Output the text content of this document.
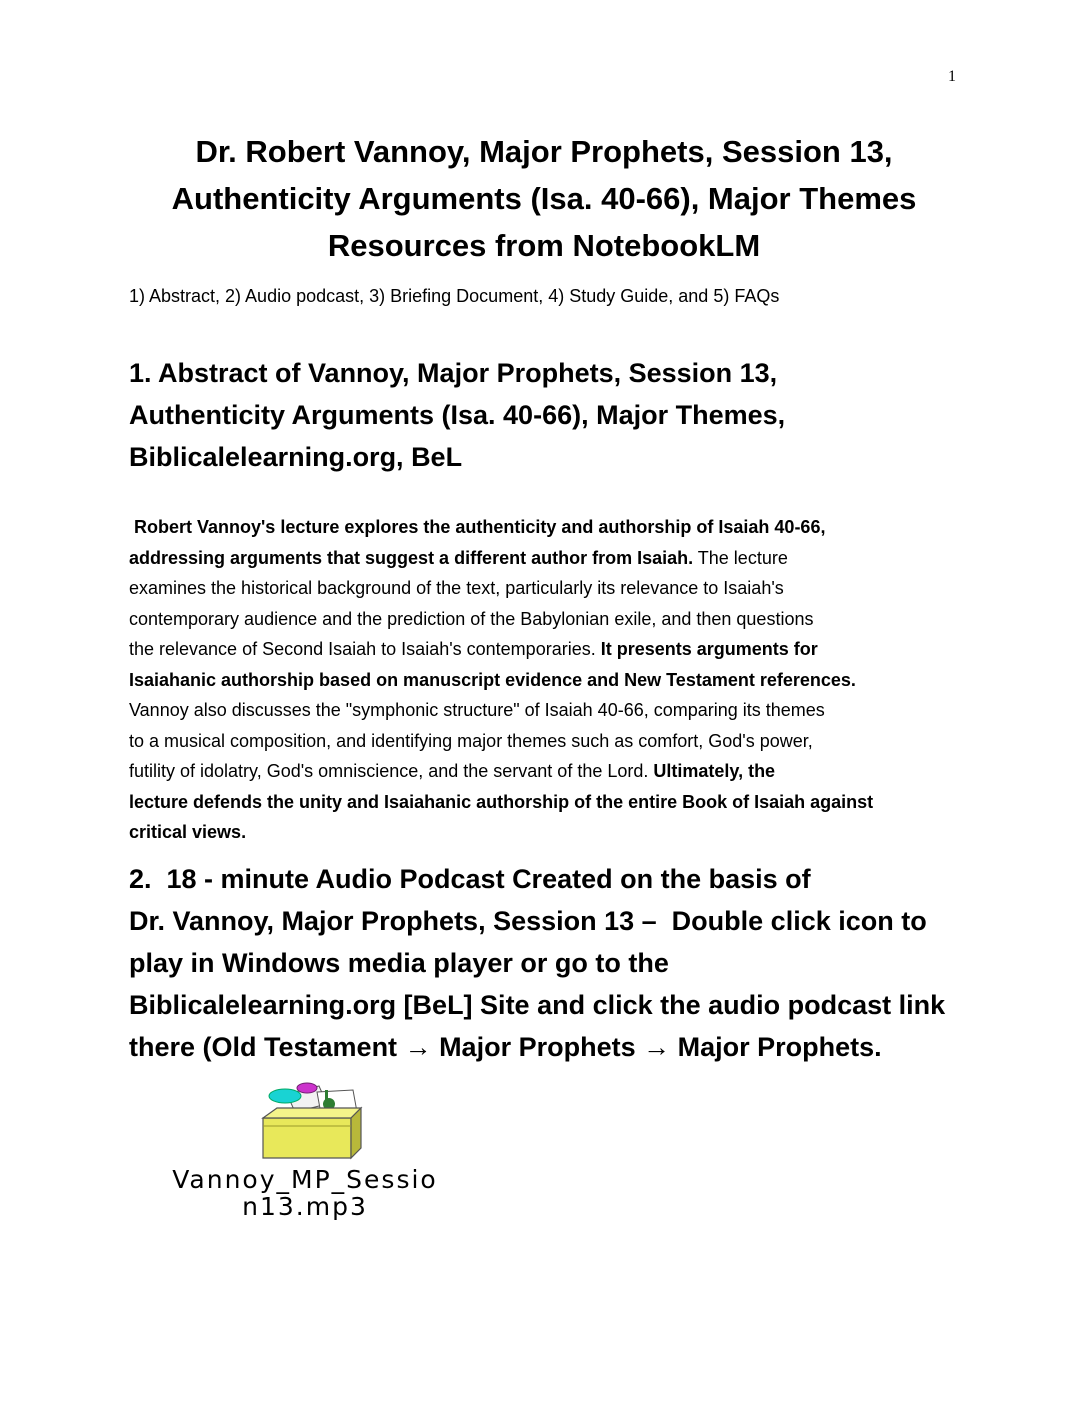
1
Dr. Robert Vannoy, Major Prophets, Session 13,
Authenticity Arguments (Isa. 40-66), Major Themes
Resources from NotebookLM
1) Abstract, 2) Audio podcast, 3) Briefing Document, 4) Study Guide, and 5) FAQs
1. Abstract of Vannoy, Major Prophets, Session 13,
Authenticity Arguments (Isa. 40-66), Major Themes,
Biblicalelearning.org, BeL
Robert Vannoy's lecture explores the authenticity and authorship of Isaiah 40-66,
addressing arguments that suggest a different author from Isaiah. The lecture
examines the historical background of the text, particularly its relevance to Isaiah's
contemporary audience and the prediction of the Babylonian exile, and then questions
the relevance of Second Isaiah to Isaiah's contemporaries. It presents arguments for
Isaiahanic authorship based on manuscript evidence and New Testament references.
Vannoy also discusses the "symphonic structure" of Isaiah 40-66, comparing its themes
to a musical composition, and identifying major themes such as comfort, God's power,
futility of idolatry, God's omniscience, and the servant of the Lord. Ultimately, the
lecture defends the unity and Isaiahanic authorship of the entire Book of Isaiah against
critical views.
2.  18 - minute Audio Podcast Created on the basis of
Dr. Vannoy, Major Prophets, Session 13 –  Double click icon to
play in Windows media player or go to the
Biblicalelearning.org [BeL] Site and click the audio podcast link
there (Old Testament → Major Prophets → Major Prophets.
Vannoy_MP_Sessio
n13.mp3
